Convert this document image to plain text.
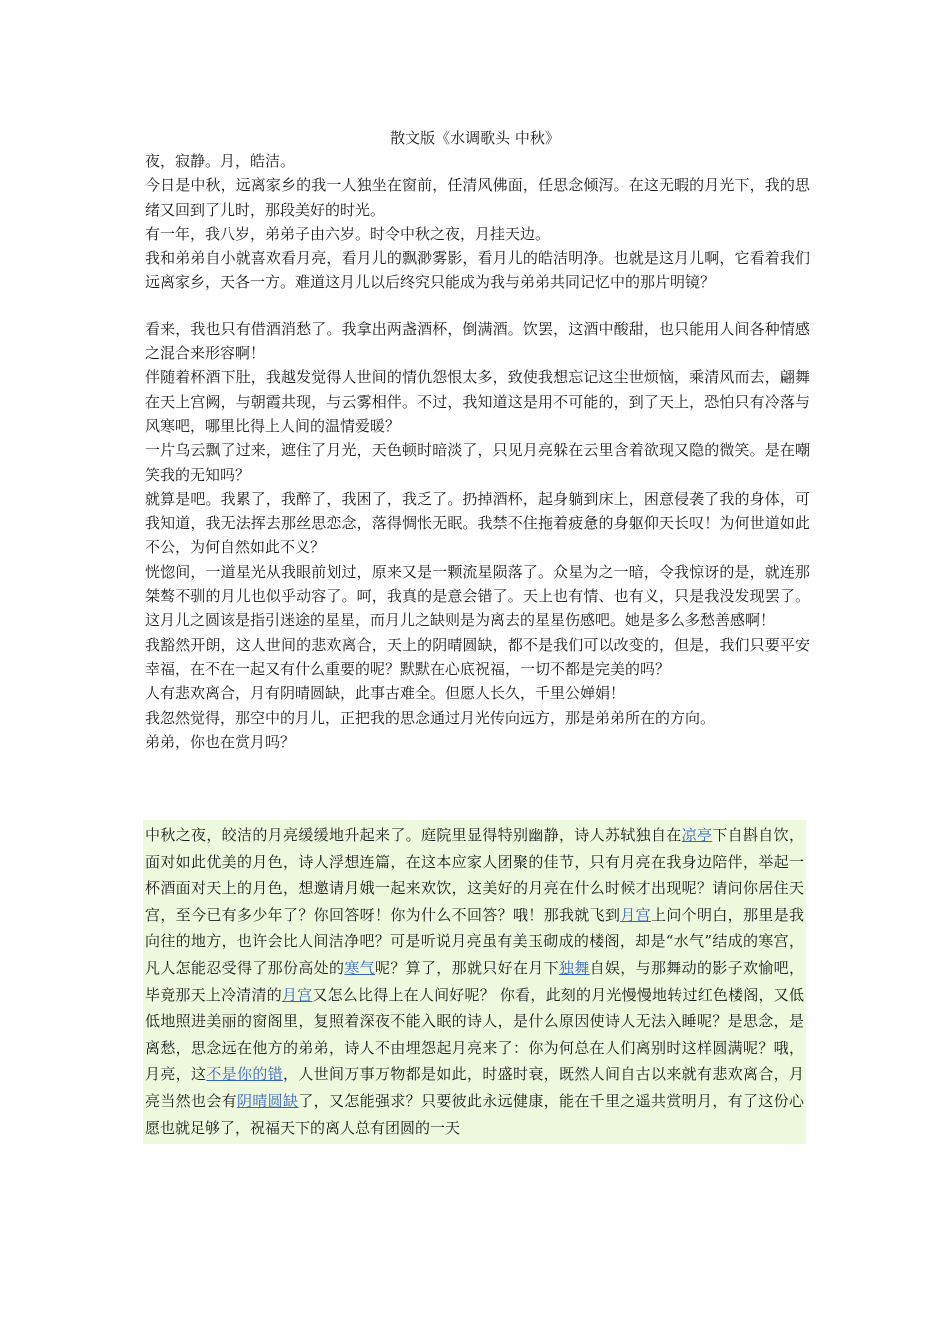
散文版《水调歌头 中秋》

夜，寂静。月，皓洁。

今日是中秋，远离家乡的我一人独坐在窗前，任清风佛面，任思念倾泻。在这无暇的月光下，我的思绪又回到了儿时，那段美好的时光。

有一年，我八岁，弟弟子由六岁。时令中秋之夜，月挂天边。

我和弟弟自小就喜欢看月亮，看月儿的飘渺雾影，看月儿的皓洁明净。也就是这月儿啊，它看着我们远离家乡，天各一方。难道这月儿以后终究只能成为我与弟弟共同记忆中的那片明镜？

看来，我也只有借酒消愁了。我拿出两盏酒杯，倒满酒。饮罢，这酒中酸甜，也只能用人间各种情感之混合来形容啊！

伴随着杯酒下肚，我越发觉得人世间的情仇怨恨太多，致使我想忘记这尘世烦恼，乘清风而去，翩舞在天上宫阙，与朝霞共现，与云雾相伴。不过，我知道这是用不可能的，到了天上，恐怕只有冷落与风寒吧，哪里比得上人间的温情爱暖？

一片乌云飘了过来，遮住了月光，天色顿时暗淡了，只见月亮躲在云里含着欲现又隐的微笑。是在嘲笑我的无知吗？

就算是吧。我累了，我醉了，我困了，我乏了。扔掉酒杯，起身躺到床上，困意侵袭了我的身体，可我知道，我无法挥去那丝思恋念，落得惆怅无眠。我禁不住拖着疲惫的身躯仰天长叹！为何世道如此不公，为何自然如此不义？

恍惚间，一道星光从我眼前划过，原来又是一颗流星陨落了。众星为之一暗，令我惊讶的是，就连那桀骜不驯的月儿也似乎动容了。呵，我真的是意会错了。天上也有情、也有义，只是我没发现罢了。这月儿之圆该是指引迷途的星星，而月儿之缺则是为离去的星星伤感吧。她是多么多愁善感啊！

我豁然开朗，这人世间的悲欢离合，天上的阴晴圆缺，都不是我们可以改变的，但是，我们只要平安幸福，在不在一起又有什么重要的呢？默默在心底祝福，一切不都是完美的吗？

人有悲欢离合，月有阴晴圆缺，此事古难全。但愿人长久，千里公婵娟！

我忽然觉得，那空中的月儿，正把我的思念通过月光传向远方，那是弟弟所在的方向。

弟弟，你也在赏月吗？

中秋之夜，皎洁的月亮缓缓地升起来了。庭院里显得特别幽静，诗人苏轼独自在凉亭下自斟自饮，面对如此优美的月色，诗人浮想连篇，在这本应家人团聚的佳节，只有月亮在我身边陪伴，举起一杯酒面对天上的月色，想邀请月娥一起来欢饮，这美好的月亮在什么时候才出现呢？请问你居住天宫，至今已有多少年了？你回答呀！你为什么不回答？哦！那我就飞到月宫上问个明白，那里是我向往的地方，也许会比人间洁净吧？可是听说月亮虽有美玉砌成的楼阁，却是“水气”结成的寒宫，凡人怎能忍受得了那份高处的寒气呢？算了，那就只好在月下独舞自娱，与那舞动的影子欢愉吧，毕竟那天上冷清清的月宫又怎么比得上在人间好呢？ 你看，此刻的月光慢慢地转过红色楼阁，又低低地照进美丽的窗阁里，复照着深夜不能入眠的诗人，是什么原因使诗人无法入睡呢？是思念，是离愁，思念远在他方的弟弟，诗人不由埋怨起月亮来了：你为何总在人们离别时这样圆满呢？哦，月亮，这不是你的错，人世间万事万物都是如此，时盛时衰，既然人间自古以来就有悲欢离合，月亮当然也会有阴晴圆缺了，又怎能强求？只要彼此永远健康，能在千里之遥共赏明月，有了这份心愿也就足够了，祝福天下的离人总有团圆的一天
